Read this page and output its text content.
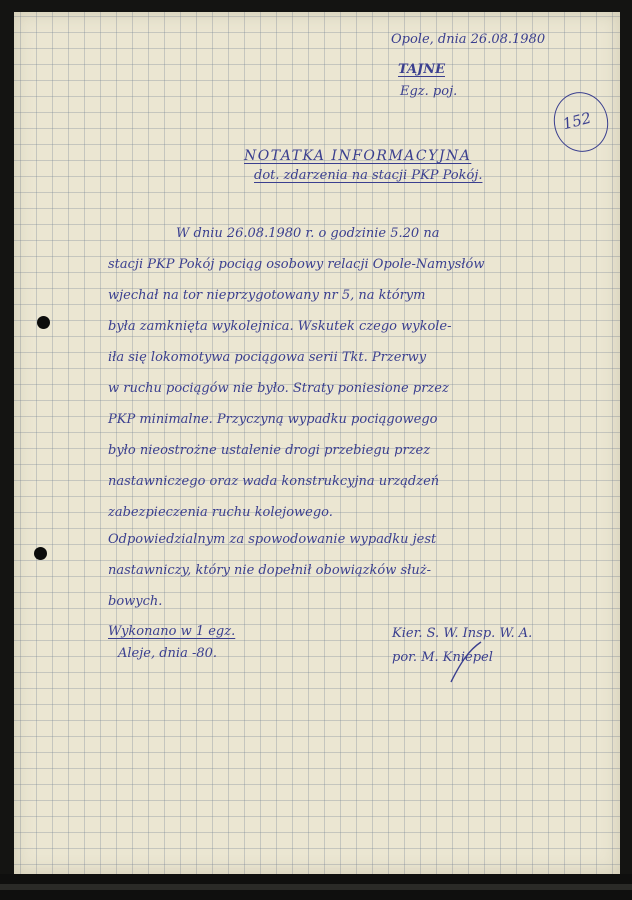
Opole, dnia 26.08.1980
TAJNE
Egz. poj.
152
NOTATKA INFORMACYJNA
dot. zdarzenia na stacji PKP Pokój.
W dniu 26.08.1980 r. o godzinie 5.20 na
stacji PKP Pokój pociąg osobowy relacji Opole-Namysłów
wjechał na tor nieprzygotowany nr 5, na którym
była zamknięta wykolejnica. Wskutek czego wykole-
iła się lokomotywa pociągowa serii Tkt. Przerwy
w ruchu pociągów nie było. Straty poniesione przez
PKP minimalne. Przyczyną wypadku pociągowego
było nieostrożne ustalenie drogi przebiegu przez
nastawniczego oraz wada konstrukcyjna urządzeń
zabezpieczenia ruchu kolejowego.
Odpowiedzialnym za spowodowanie wypadku jest
nastawniczy, który nie dopełnił obowiązków służ-
bowych.
Wykonano w 1 egz.
Aleje, dnia -80.
Kier. S. W. Insp. W. A.
por. M. Kniepel
